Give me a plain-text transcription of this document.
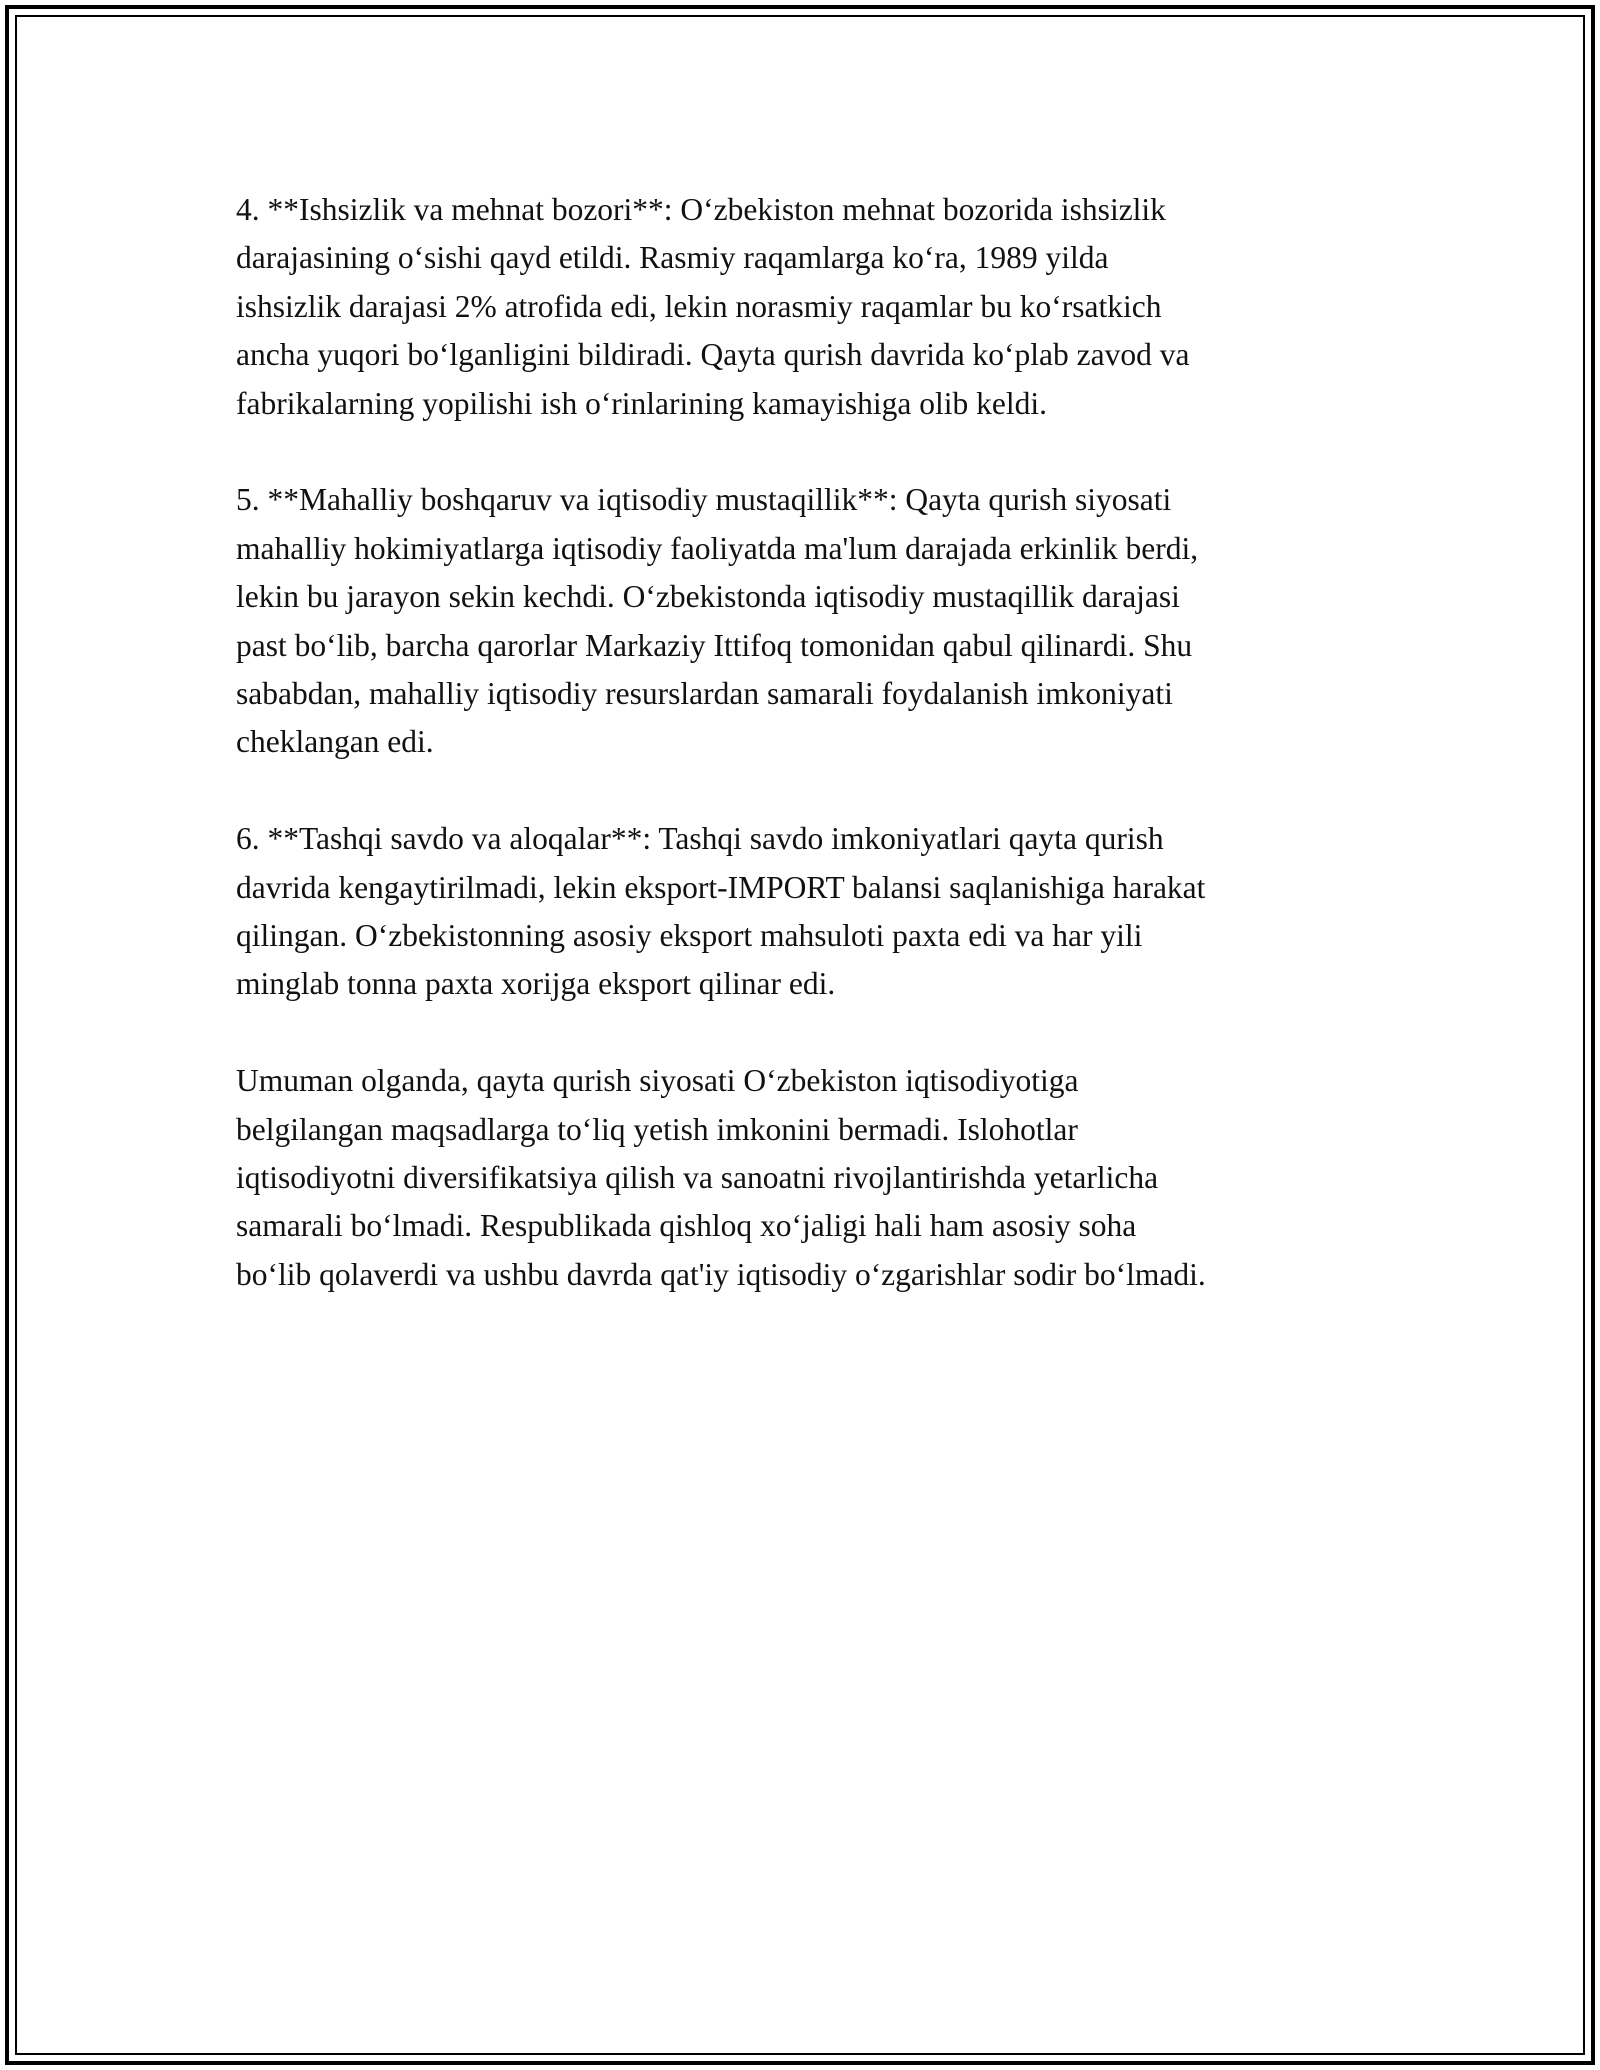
4. **Ishsizlik va mehnat bozori**: O‘zbekiston mehnat bozorida ishsizlik
darajasining o‘sishi qayd etildi. Rasmiy raqamlarga ko‘ra, 1989 yilda
ishsizlik darajasi 2% atrofida edi, lekin norasmiy raqamlar bu ko‘rsatkich
ancha yuqori bo‘lganligini bildiradi. Qayta qurish davrida ko‘plab zavod va
fabrikalarning yopilishi ish o‘rinlarining kamayishiga olib keldi.

5. **Mahalliy boshqaruv va iqtisodiy mustaqillik**: Qayta qurish siyosati
mahalliy hokimiyatlarga iqtisodiy faoliyatda ma'lum darajada erkinlik berdi,
lekin bu jarayon sekin kechdi. O‘zbekistonda iqtisodiy mustaqillik darajasi
past bo‘lib, barcha qarorlar Markaziy Ittifoq tomonidan qabul qilinardi. Shu
sababdan, mahalliy iqtisodiy resurslardan samarali foydalanish imkoniyati
cheklangan edi.

6. **Tashqi savdo va aloqalar**: Tashqi savdo imkoniyatlari qayta qurish
davrida kengaytirilmadi, lekin eksport-IMPORT balansi saqlanishiga harakat
qilingan. O‘zbekistonning asosiy eksport mahsuloti paxta edi va har yili
minglab tonna paxta xorijga eksport qilinar edi.

Umuman olganda, qayta qurish siyosati O‘zbekiston iqtisodiyotiga
belgilangan maqsadlarga to‘liq yetish imkonini bermadi. Islohotlar
iqtisodiyotni diversifikatsiya qilish va sanoatni rivojlantirishda yetarlicha
samarali bo‘lmadi. Respublikada qishloq xo‘jaligi hali ham asosiy soha
bo‘lib qolaverdi va ushbu davrda qat'iy iqtisodiy o‘zgarishlar sodir bo‘lmadi.
